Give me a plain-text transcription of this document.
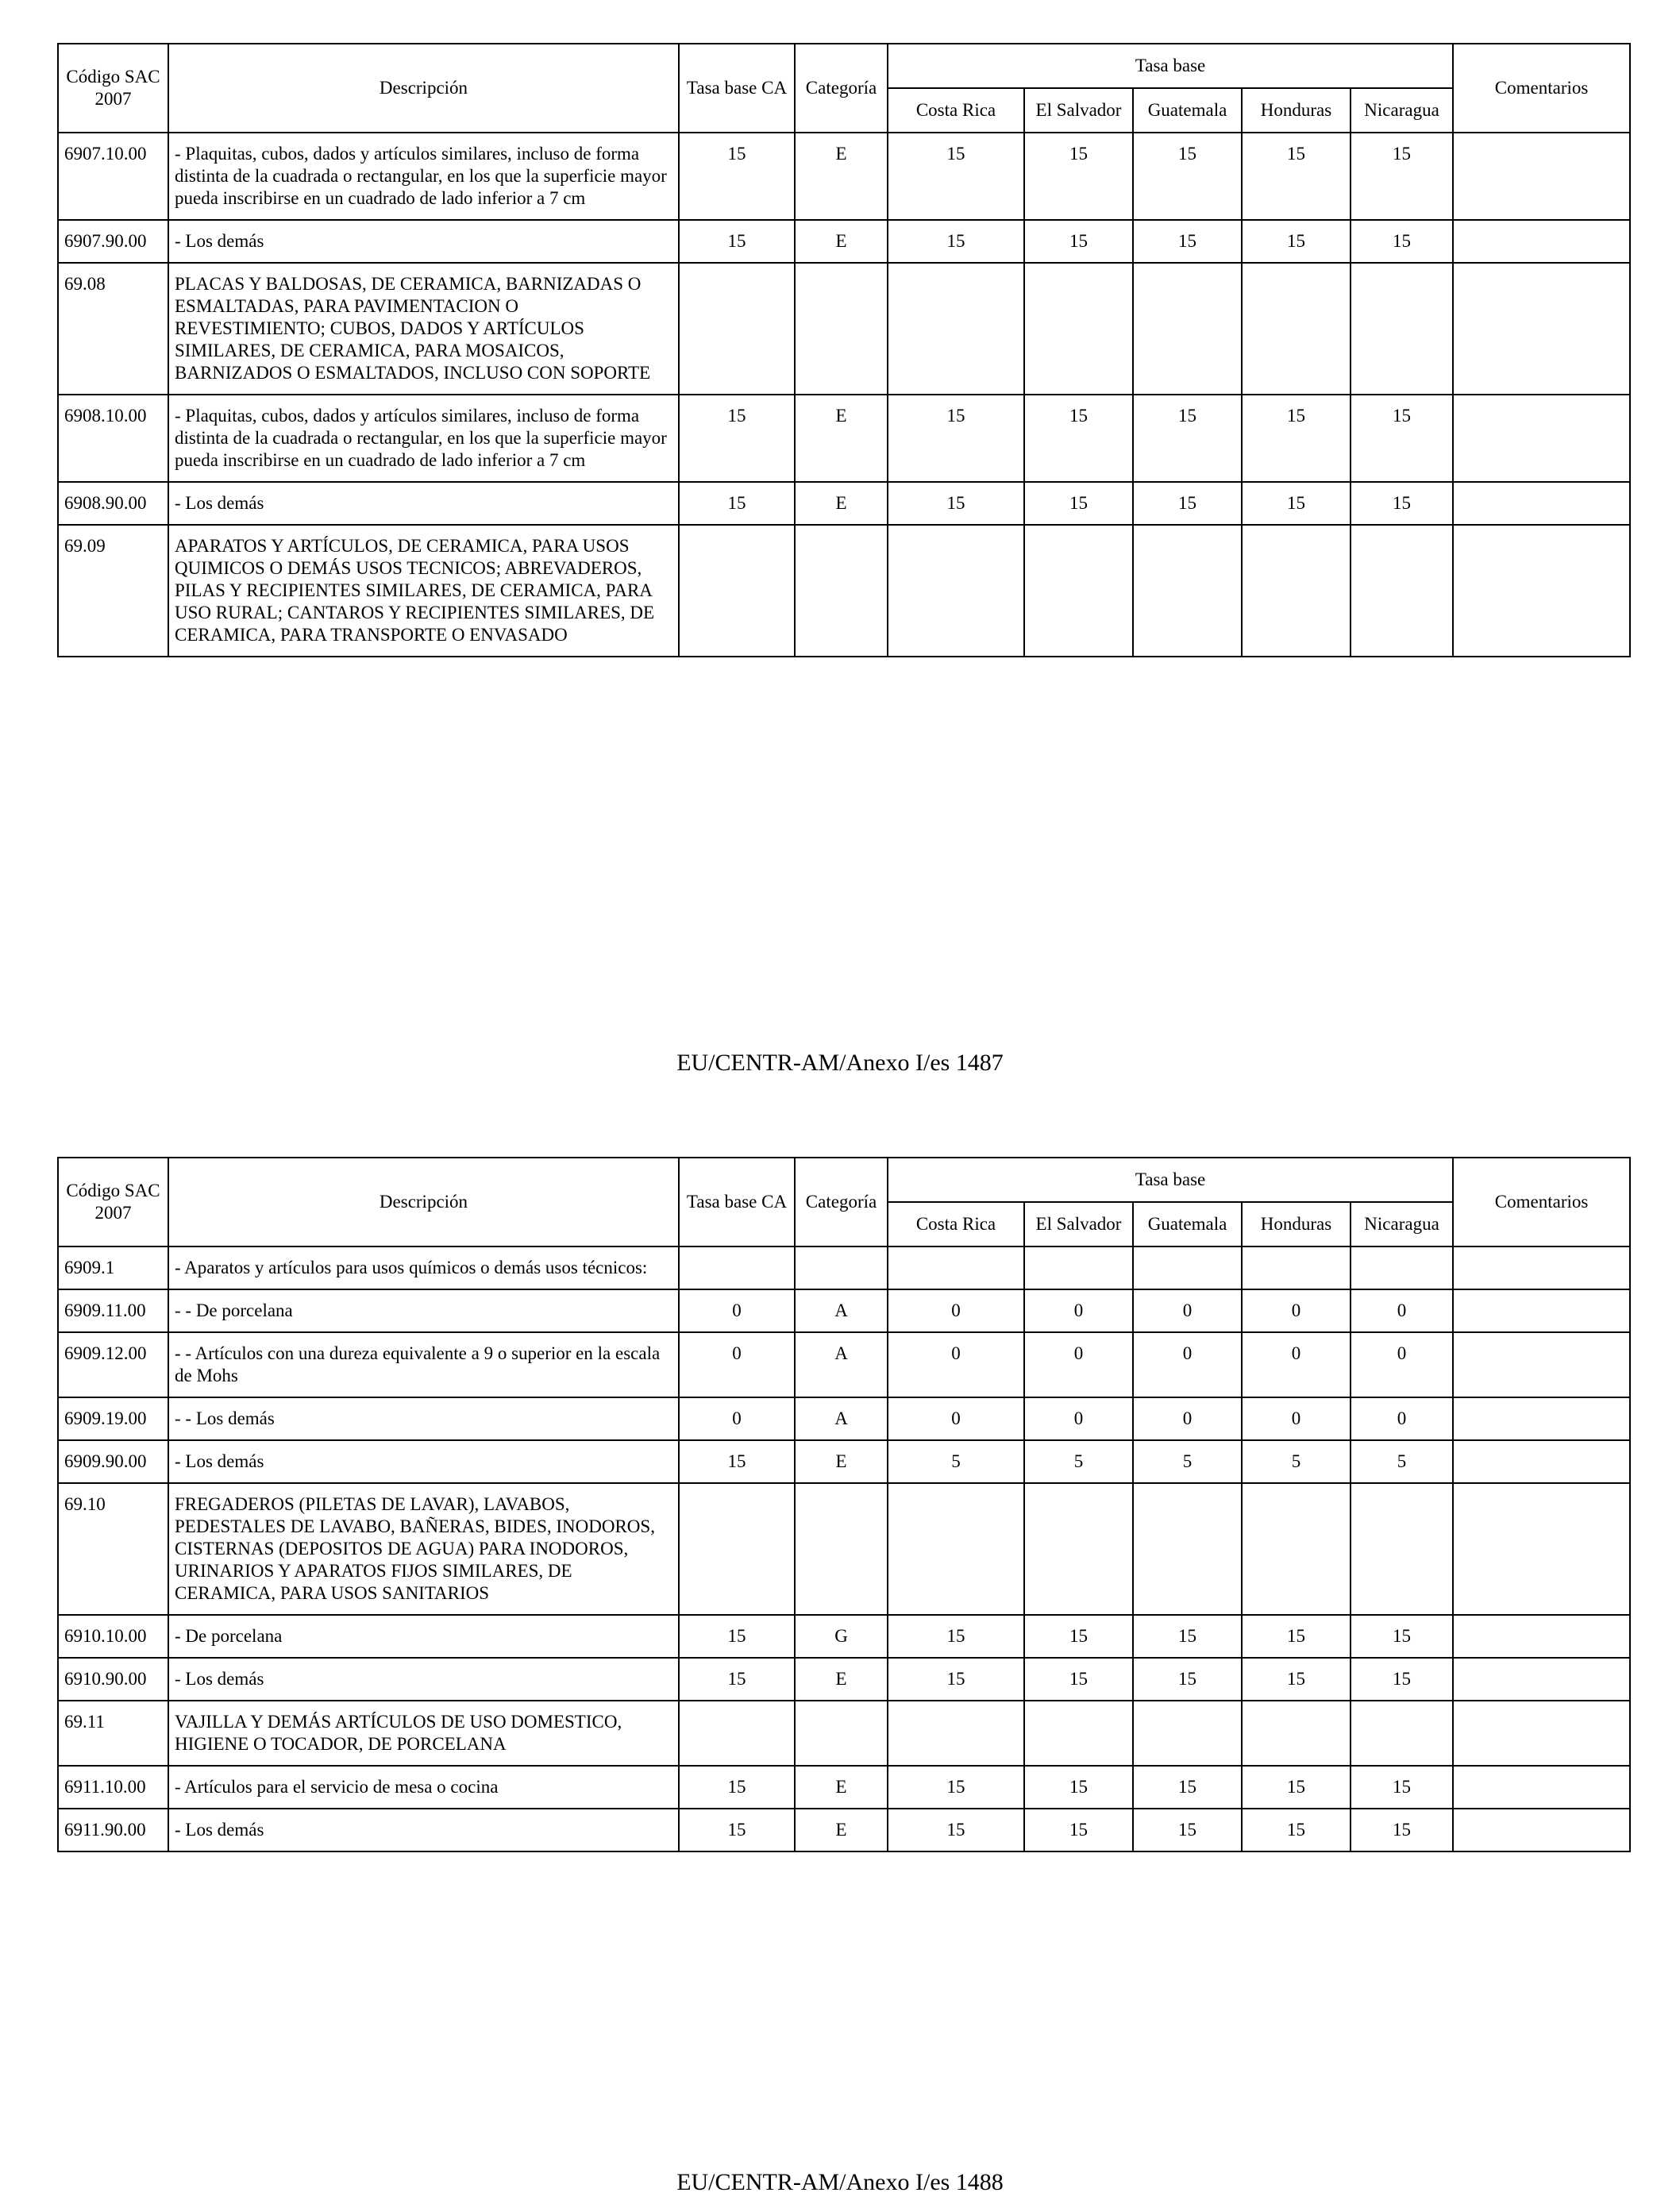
Código SAC 2007	Descripción	Tasa base CA	Categoría	Tasa base					Comentarios
				Costa Rica	El Salvador	Guatemala	Honduras	Nicaragua	
6907.10.00	- Plaquitas, cubos, dados y artículos similares, incluso de forma distinta de la cuadrada o rectangular, en los que la superficie mayor pueda inscribirse en un cuadrado de lado inferior a 7 cm	15	E	15	15	15	15	15	
6907.90.00	- Los demás	15	E	15	15	15	15	15	
69.08	PLACAS Y BALDOSAS, DE CERAMICA, BARNIZADAS O ESMALTADAS, PARA PAVIMENTACION O REVESTIMIENTO; CUBOS, DADOS Y ARTÍCULOS SIMILARES, DE CERAMICA, PARA MOSAICOS, BARNIZADOS O ESMALTADOS, INCLUSO CON SOPORTE								
6908.10.00	- Plaquitas, cubos, dados y artículos similares, incluso de forma distinta de la cuadrada o rectangular, en los que la superficie mayor pueda inscribirse en un cuadrado de lado inferior a 7 cm	15	E	15	15	15	15	15	
6908.90.00	- Los demás	15	E	15	15	15	15	15	
69.09	APARATOS Y ARTÍCULOS, DE CERAMICA, PARA USOS QUIMICOS O DEMÁS USOS TECNICOS; ABREVADEROS, PILAS Y RECIPIENTES SIMILARES, DE CERAMICA, PARA USO RURAL; CANTAROS Y RECIPIENTES SIMILARES, DE CERAMICA, PARA TRANSPORTE O ENVASADO								
EU/CENTR-AM/Anexo I/es 1487
Código SAC 2007	Descripción	Tasa base CA	Categoría	Tasa base					Comentarios
				Costa Rica	El Salvador	Guatemala	Honduras	Nicaragua	
6909.1	- Aparatos y artículos para usos químicos o demás usos técnicos:								
6909.11.00	- - De porcelana	0	A	0	0	0	0	0	
6909.12.00	- - Artículos con una dureza equivalente a 9 o superior en la escala de Mohs	0	A	0	0	0	0	0	
6909.19.00	- - Los demás	0	A	0	0	0	0	0	
6909.90.00	- Los demás	15	E	5	5	5	5	5	
69.10	FREGADEROS (PILETAS DE LAVAR), LAVABOS, PEDESTALES DE LAVABO, BAÑERAS, BIDES, INODOROS, CISTERNAS (DEPOSITOS DE AGUA) PARA INODOROS, URINARIOS Y APARATOS FIJOS SIMILARES, DE CERAMICA, PARA USOS SANITARIOS								
6910.10.00	- De porcelana	15	G	15	15	15	15	15	
6910.90.00	- Los demás	15	E	15	15	15	15	15	
69.11	VAJILLA Y DEMÁS ARTÍCULOS DE USO DOMESTICO, HIGIENE O TOCADOR, DE PORCELANA								
6911.10.00	- Artículos para el servicio de mesa o cocina	15	E	15	15	15	15	15	
6911.90.00	- Los demás	15	E	15	15	15	15	15	
EU/CENTR-AM/Anexo I/es 1488
